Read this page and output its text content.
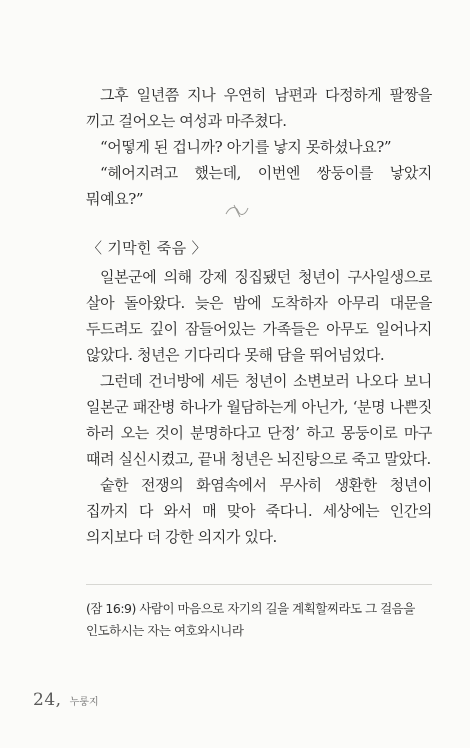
그후 일년쯤 지나 우연히 남편과 다정하게 팔짱을 끼고 걸어오는 여성과 마주쳤다.

“어떻게 된 겁니까? 아기를 낳지 못하셨나요?”

“헤어지려고 했는데, 이번엔 쌍둥이를 낳았지 뭐예요?”

〈 기막힌 죽음 〉

일본군에 의해 강제 징집됐던 청년이 구사일생으로 살아 돌아왔다. 늦은 밤에 도착하자 아무리 대문을 두드려도 깊이 잠들어있는 가족들은 아무도 일어나지 않았다. 청년은 기다리다 못해 담을 뛰어넘었다.

그런데 건너방에 세든 청년이 소변보러 나오다 보니 일본군 패잔병 하나가 월담하는게 아닌가, ‘분명 나쁜짓 하러 오는 것이 분명하다고 단정’ 하고 몽둥이로 마구 때려 실신시켰고, 끝내 청년은 뇌진탕으로 죽고 말았다.

숱한 전쟁의 화염속에서 무사히 생환한 청년이 집까지 다 와서 매 맞아 죽다니. 세상에는 인간의 의지보다 더 강한 의지가 있다.

(잠 16:9) 사람이 마음으로 자기의 길을 계획할찌라도 그 걸음을 인도하시는 자는 여호와시니라

24, 누룽지
